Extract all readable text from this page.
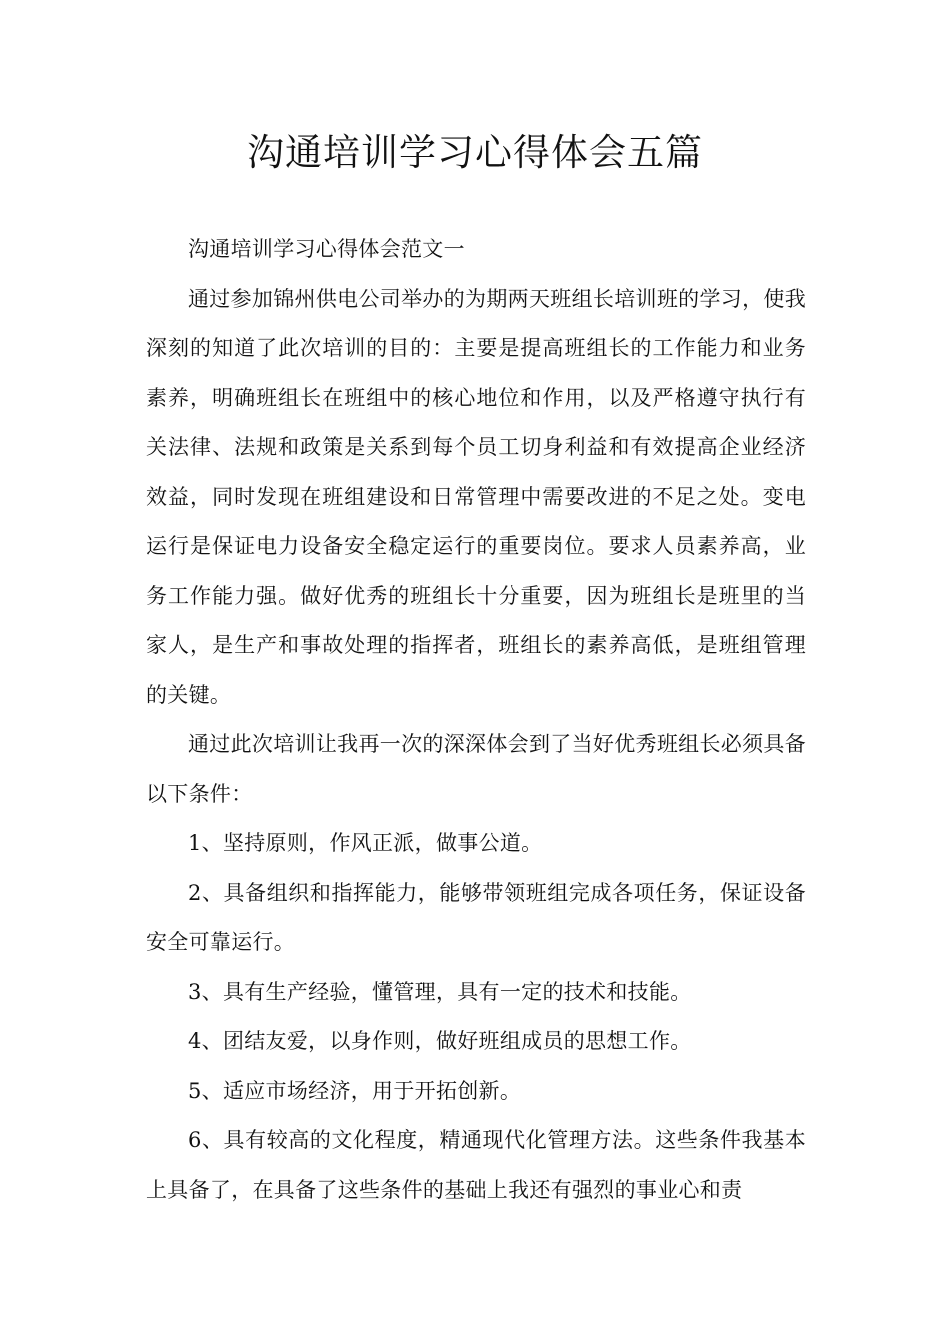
沟通培训学习心得体会五篇

沟通培训学习心得体会范文一

通过参加锦州供电公司举办的为期两天班组长培训班的学习，使我深刻的知道了此次培训的目的：主要是提高班组长的工作能力和业务素养，明确班组长在班组中的核心地位和作用，以及严格遵守执行有关法律、法规和政策是关系到每个员工切身利益和有效提高企业经济效益，同时发现在班组建设和日常管理中需要改进的不足之处。变电运行是保证电力设备安全稳定运行的重要岗位。要求人员素养高，业务工作能力强。做好优秀的班组长十分重要，因为班组长是班里的当家人，是生产和事故处理的指挥者，班组长的素养高低，是班组管理的关键。

通过此次培训让我再一次的深深体会到了当好优秀班组长必须具备以下条件：

1、坚持原则，作风正派，做事公道。

2、具备组织和指挥能力，能够带领班组完成各项任务，保证设备安全可靠运行。

3、具有生产经验，懂管理，具有一定的技术和技能。

4、团结友爱，以身作则，做好班组成员的思想工作。

5、适应市场经济，用于开拓创新。

6、具有较高的文化程度，精通现代化管理方法。这些条件我基本上具备了，在具备了这些条件的基础上我还有强烈的事业心和责
